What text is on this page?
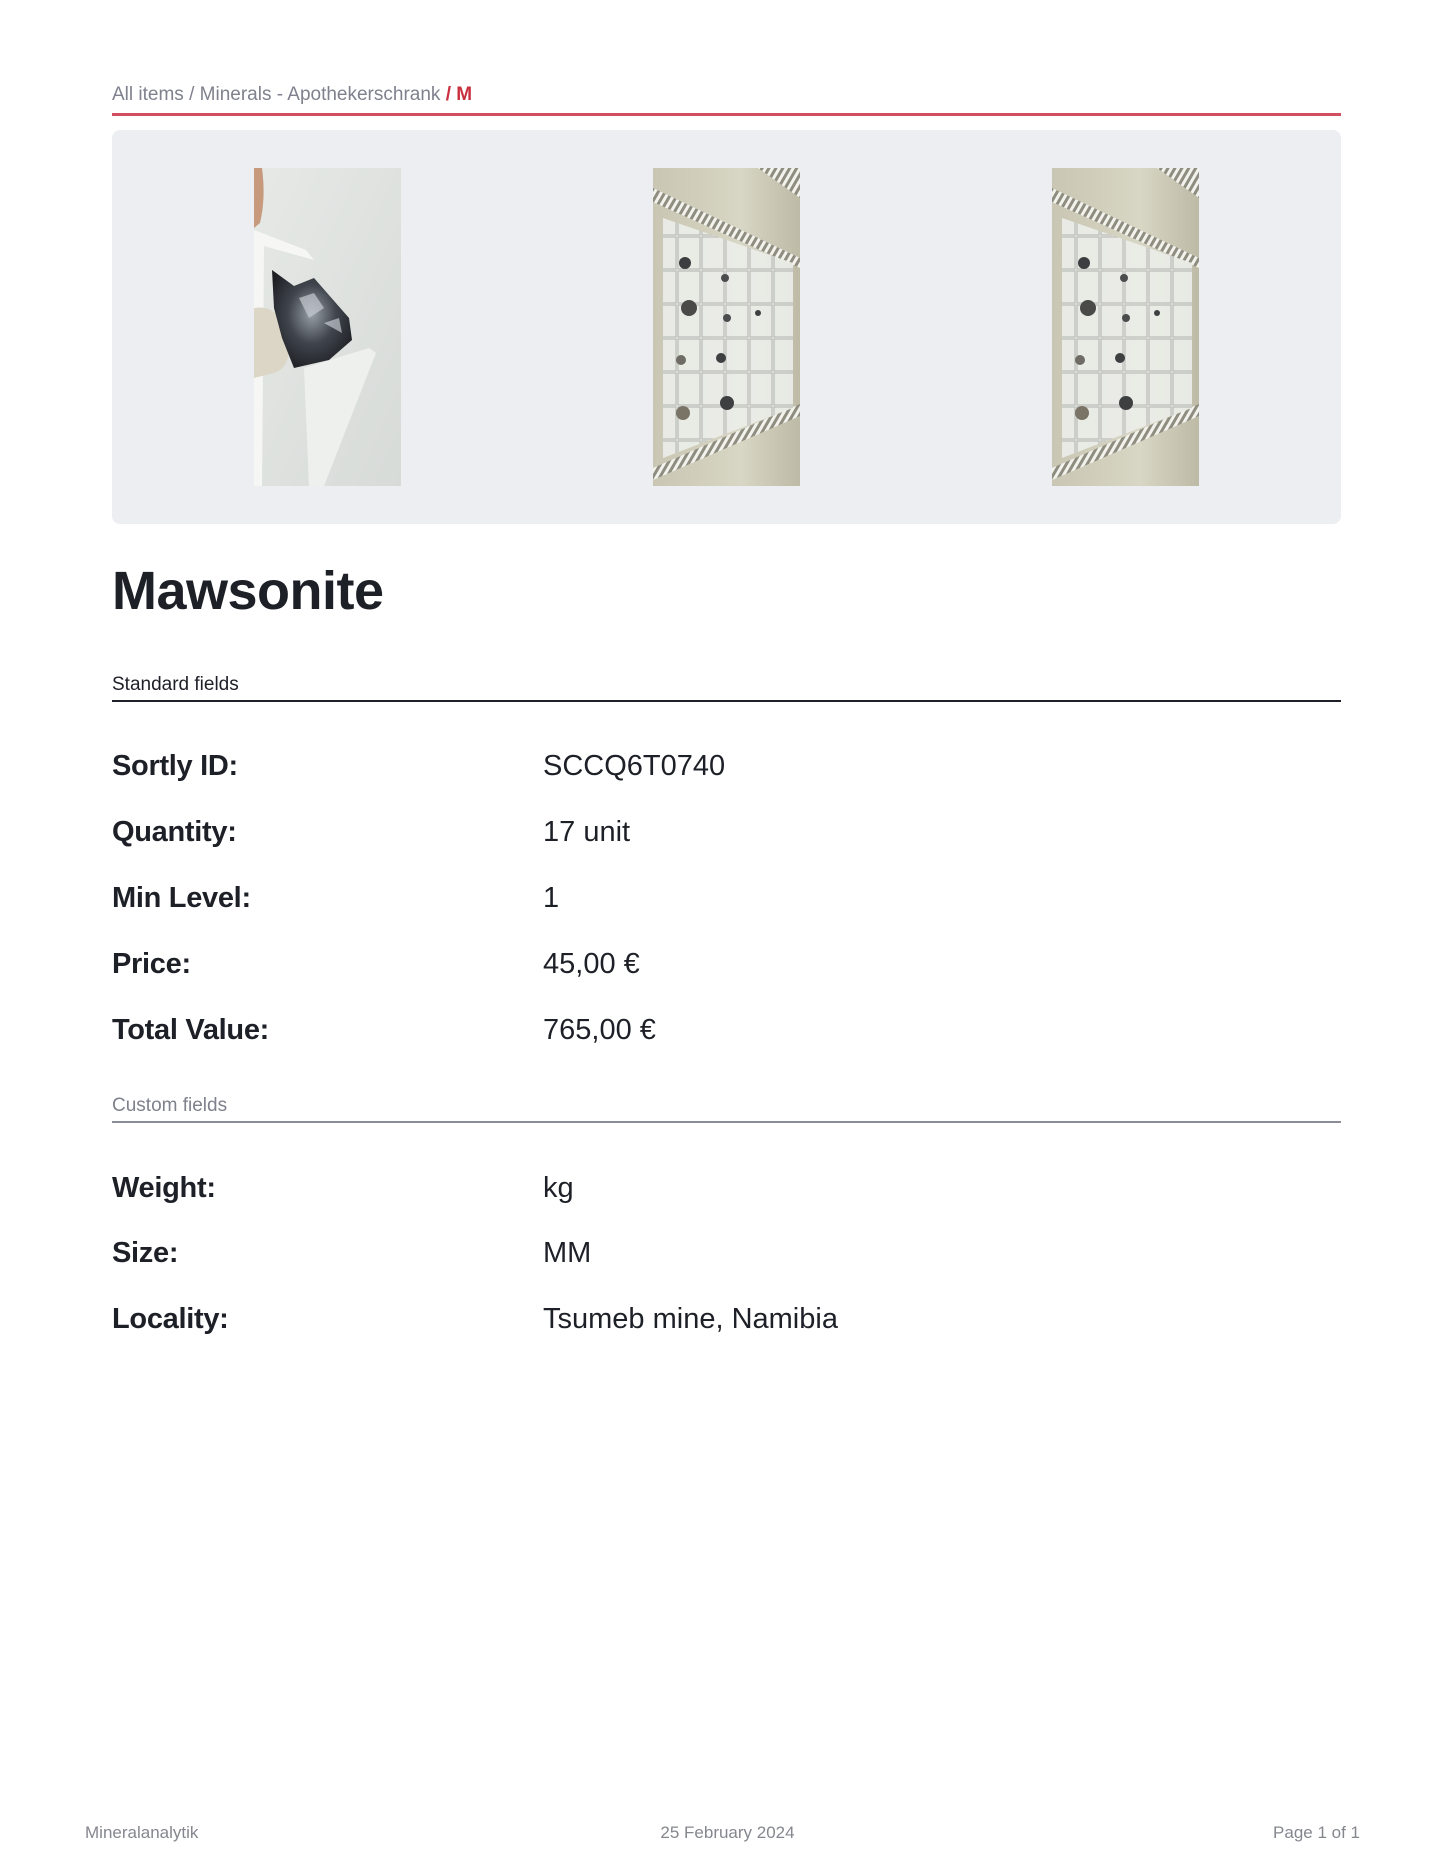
All items / Minerals - Apothekerschrank / M
Mawsonite
Standard fields
Sortly ID:	SCCQ6T0740
Quantity:	17 unit
Min Level:	1
Price:	45,00 €
Total Value:	765,00 €
Custom fields
Weight:	kg
Size:	MM
Locality:	Tsumeb mine, Namibia
Mineralanalytik	25 February 2024	Page 1 of 1
